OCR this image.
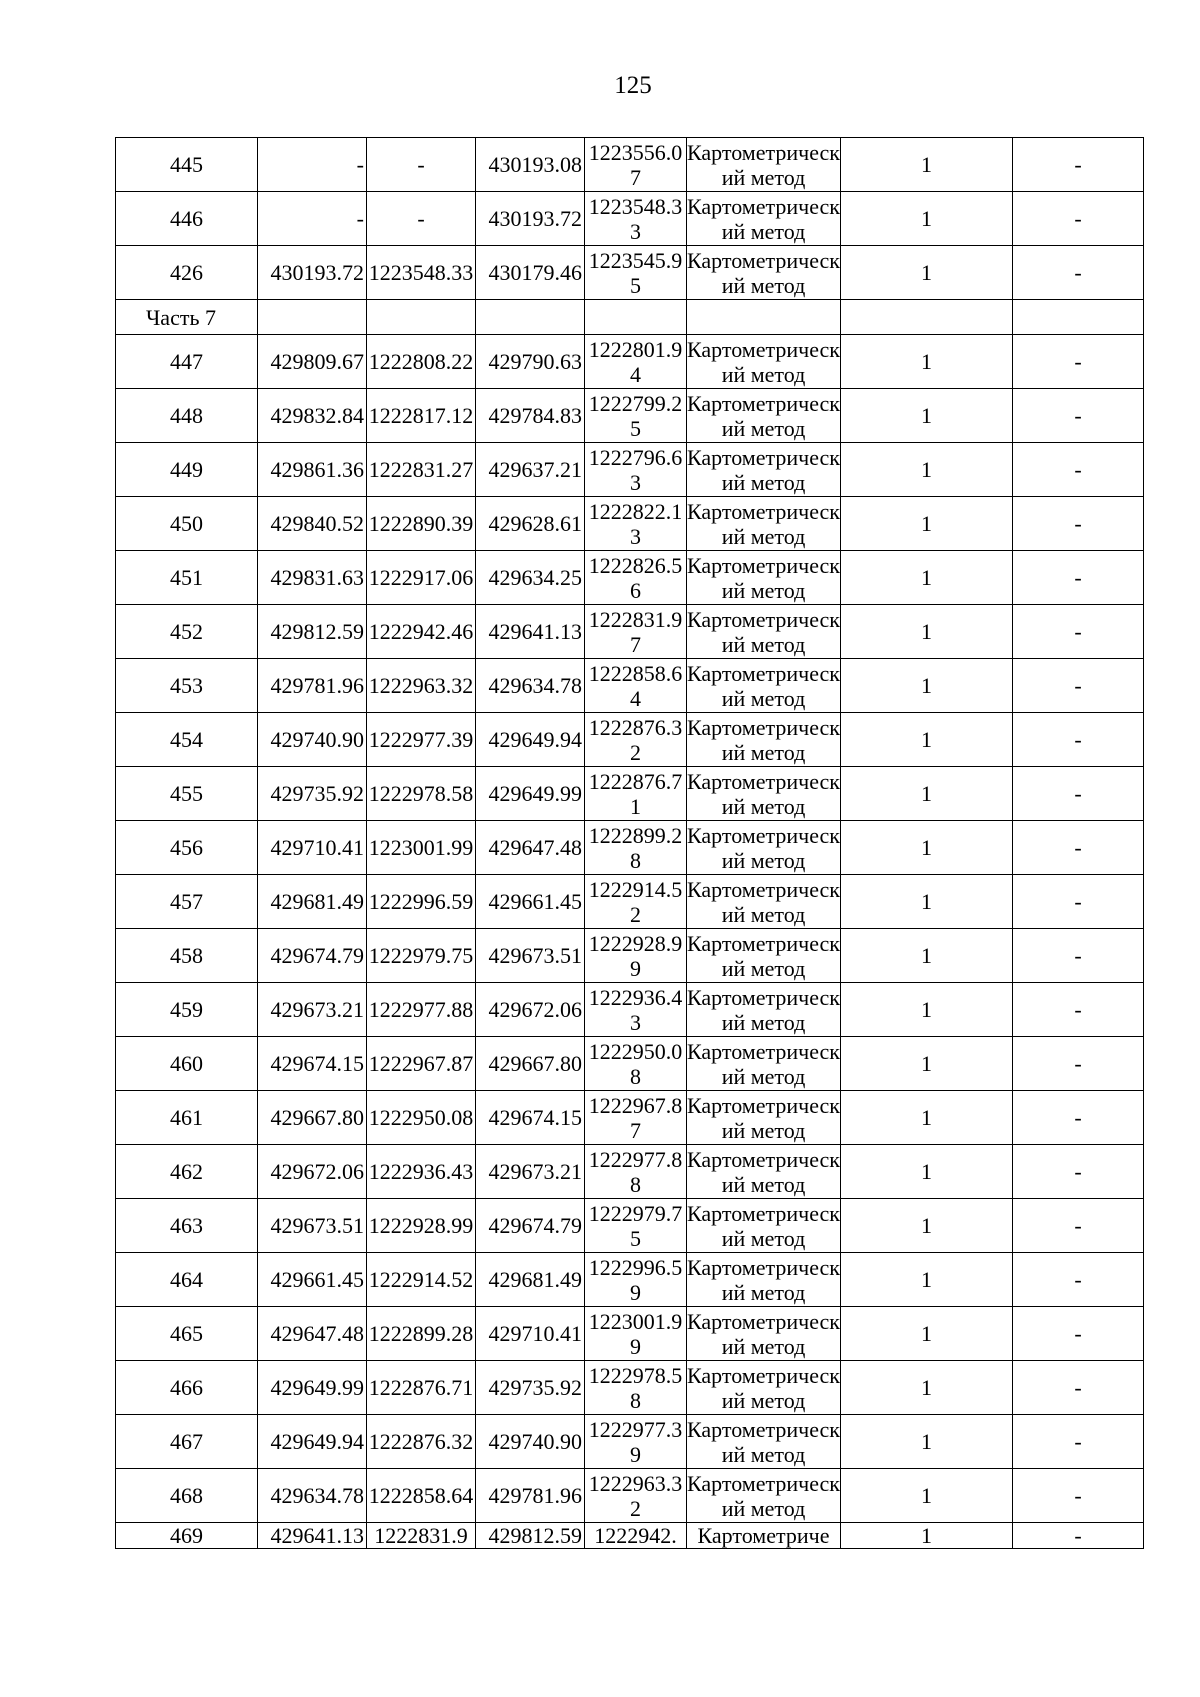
125
445	-	-	430193.08	1223556.07	Картометрический метод	1	-
446	-	-	430193.72	1223548.33	Картометрический метод	1	-
426	430193.72	1223548.33	430179.46	1223545.95	Картометрический метод	1	-
Часть 7							
447	429809.67	1222808.22	429790.63	1222801.94	Картометрический метод	1	-
448	429832.84	1222817.12	429784.83	1222799.25	Картометрический метод	1	-
449	429861.36	1222831.27	429637.21	1222796.63	Картометрический метод	1	-
450	429840.52	1222890.39	429628.61	1222822.13	Картометрический метод	1	-
451	429831.63	1222917.06	429634.25	1222826.56	Картометрический метод	1	-
452	429812.59	1222942.46	429641.13	1222831.97	Картометрический метод	1	-
453	429781.96	1222963.32	429634.78	1222858.64	Картометрический метод	1	-
454	429740.90	1222977.39	429649.94	1222876.32	Картометрический метод	1	-
455	429735.92	1222978.58	429649.99	1222876.71	Картометрический метод	1	-
456	429710.41	1223001.99	429647.48	1222899.28	Картометрический метод	1	-
457	429681.49	1222996.59	429661.45	1222914.52	Картометрический метод	1	-
458	429674.79	1222979.75	429673.51	1222928.99	Картометрический метод	1	-
459	429673.21	1222977.88	429672.06	1222936.43	Картометрический метод	1	-
460	429674.15	1222967.87	429667.80	1222950.08	Картометрический метод	1	-
461	429667.80	1222950.08	429674.15	1222967.87	Картометрический метод	1	-
462	429672.06	1222936.43	429673.21	1222977.88	Картометрический метод	1	-
463	429673.51	1222928.99	429674.79	1222979.75	Картометрический метод	1	-
464	429661.45	1222914.52	429681.49	1222996.59	Картометрический метод	1	-
465	429647.48	1222899.28	429710.41	1223001.99	Картометрический метод	1	-
466	429649.99	1222876.71	429735.92	1222978.58	Картометрический метод	1	-
467	429649.94	1222876.32	429740.90	1222977.39	Картометрический метод	1	-
468	429634.78	1222858.64	429781.96	1222963.32	Картометрический метод	1	-
469	429641.13	1222831.9	429812.59	1222942.	Картометриче	1	-
